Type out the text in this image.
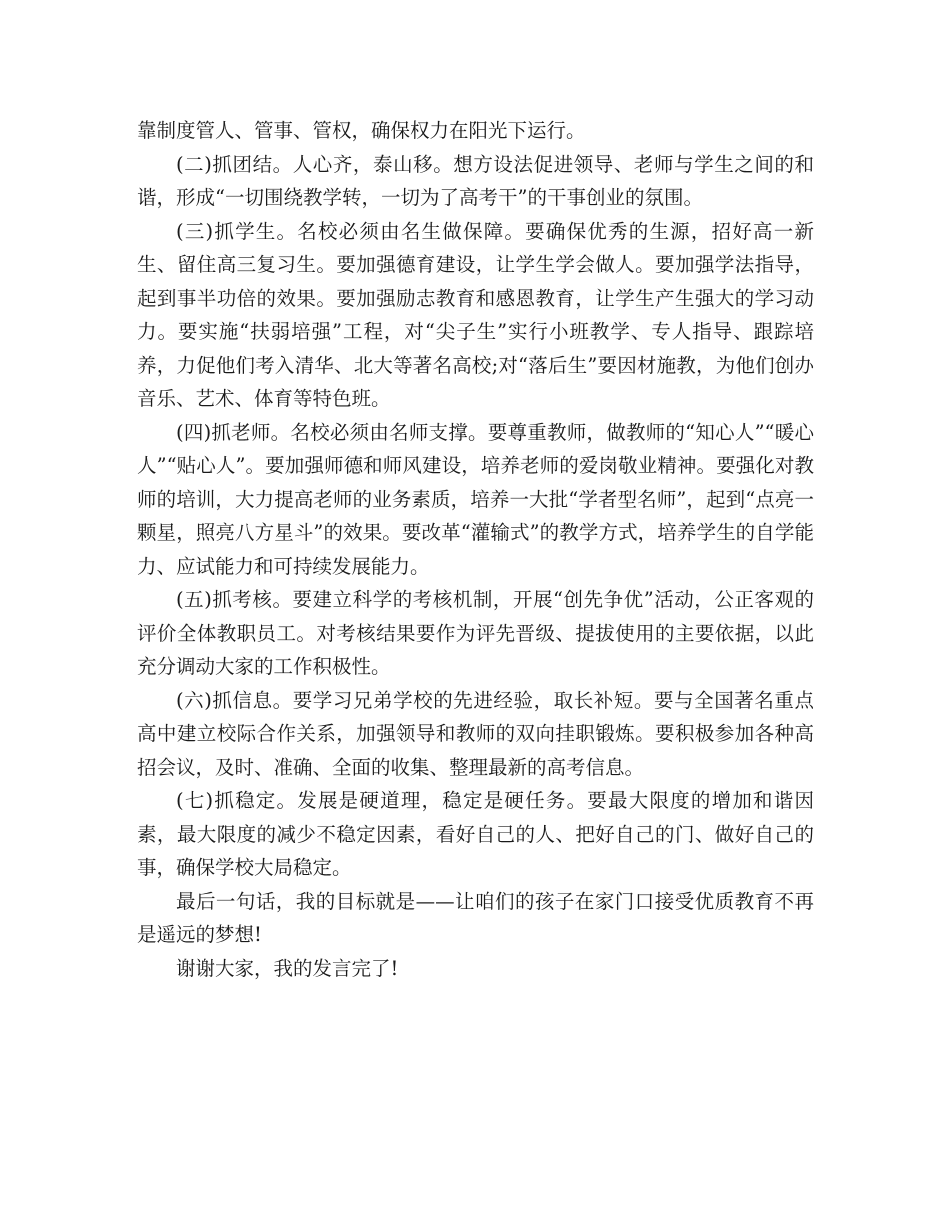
靠制度管人、管事、管权，确保权力在阳光下运行。

(二)抓团结。人心齐，泰山移。想方设法促进领导、老师与学生之间的和谐，形成“一切围绕教学转，一切为了高考干”的干事创业的氛围。

(三)抓学生。名校必须由名生做保障。要确保优秀的生源，招好高一新生、留住高三复习生。要加强德育建设，让学生学会做人。要加强学法指导，起到事半功倍的效果。要加强励志教育和感恩教育，让学生产生强大的学习动力。要实施“扶弱培强”工程，对“尖子生”实行小班教学、专人指导、跟踪培养，力促他们考入清华、北大等著名高校;对“落后生”要因材施教，为他们创办音乐、艺术、体育等特色班。

(四)抓老师。名校必须由名师支撑。要尊重教师，做教师的“知心人”“暖心人”“贴心人”。要加强师德和师风建设，培养老师的爱岗敬业精神。要强化对教师的培训，大力提高老师的业务素质，培养一大批“学者型名师”，起到“点亮一颗星，照亮八方星斗”的效果。要改革“灌输式”的教学方式，培养学生的自学能力、应试能力和可持续发展能力。

(五)抓考核。要建立科学的考核机制，开展“创先争优”活动，公正客观的评价全体教职员工。对考核结果要作为评先晋级、提拔使用的主要依据，以此充分调动大家的工作积极性。

(六)抓信息。要学习兄弟学校的先进经验，取长补短。要与全国著名重点高中建立校际合作关系，加强领导和教师的双向挂职锻炼。要积极参加各种高招会议，及时、准确、全面的收集、整理最新的高考信息。

(七)抓稳定。发展是硬道理，稳定是硬任务。要最大限度的增加和谐因素，最大限度的减少不稳定因素，看好自己的人、把好自己的门、做好自己的事，确保学校大局稳定。

最后一句话，我的目标就是——让咱们的孩子在家门口接受优质教育不再是遥远的梦想!

谢谢大家，我的发言完了!
